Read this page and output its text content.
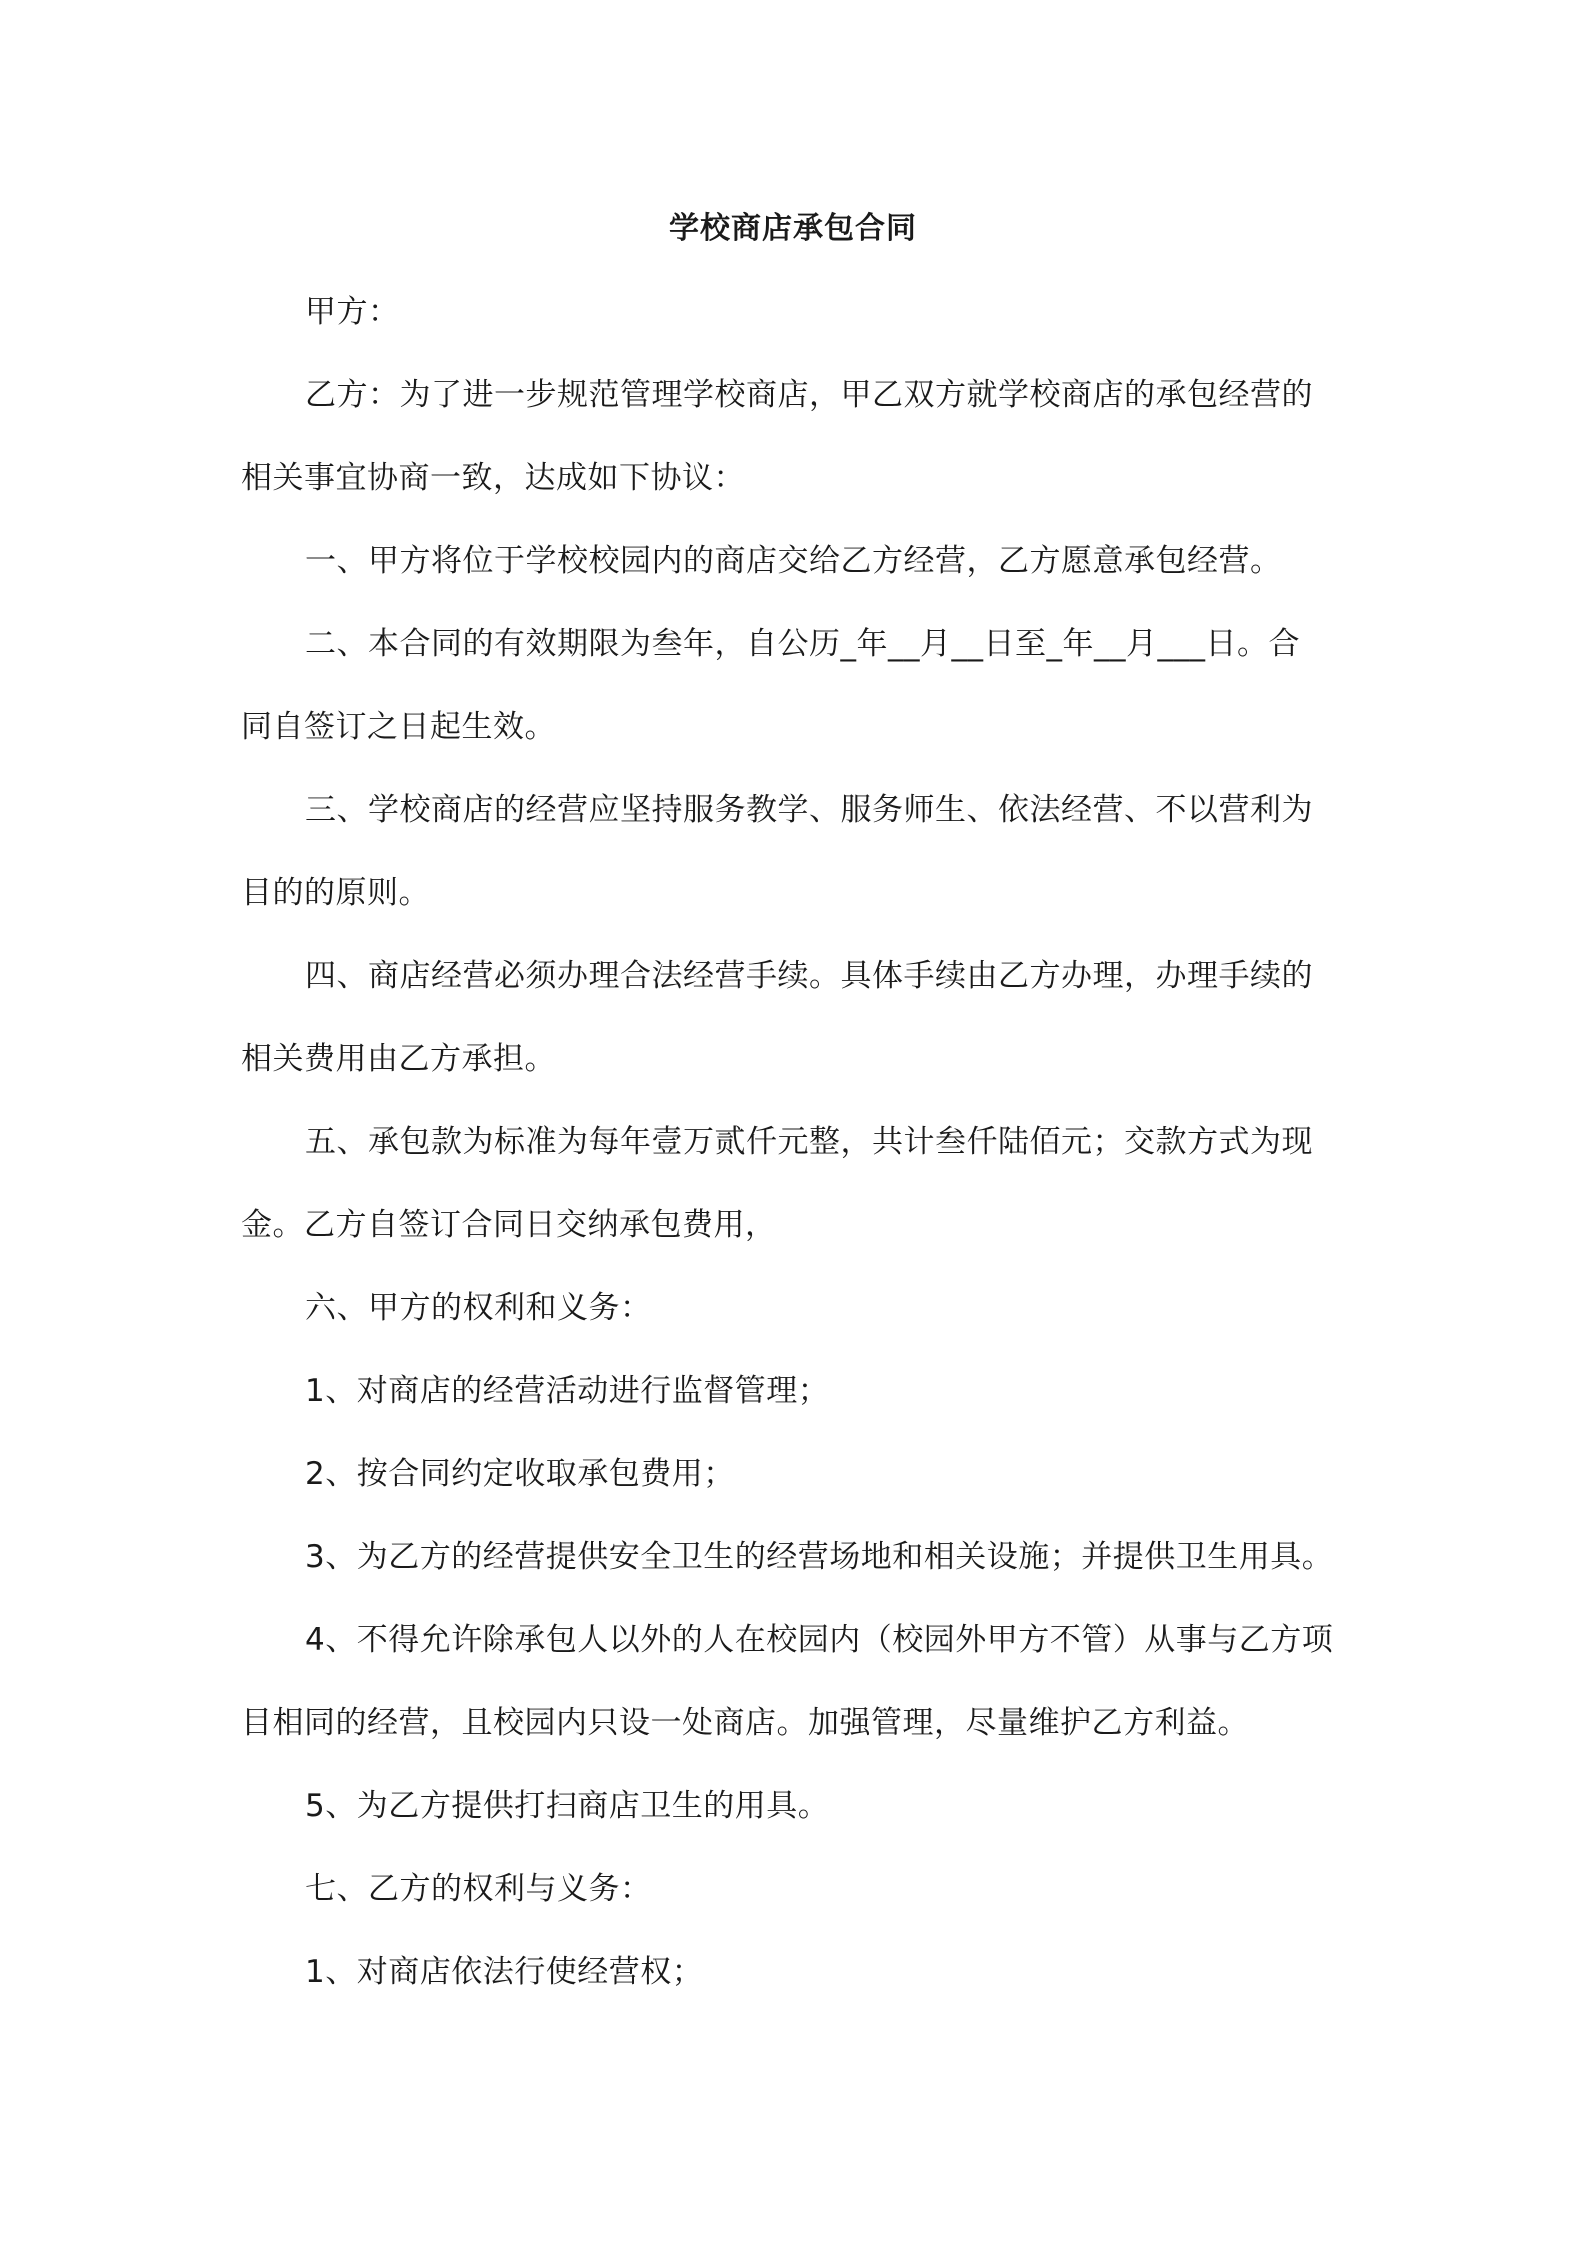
学校商店承包合同
甲方：
乙方：为了进一步规范管理学校商店，甲乙双方就学校商店的承包经营的
相关事宜协商一致，达成如下协议：
一、甲方将位于学校校园内的商店交给乙方经营，乙方愿意承包经营。
二、本合同的有效期限为叁年，自公历_年__月__日至_年__月___日。合
同自签订之日起生效。
三、学校商店的经营应坚持服务教学、服务师生、依法经营、不以营利为
目的的原则。
四、商店经营必须办理合法经营手续。具体手续由乙方办理，办理手续的
相关费用由乙方承担。
五、承包款为标准为每年壹万贰仟元整，共计叁仟陆佰元；交款方式为现
金。乙方自签订合同日交纳承包费用，
六、甲方的权利和义务：
1、对商店的经营活动进行监督管理；
2、按合同约定收取承包费用；
3、为乙方的经营提供安全卫生的经营场地和相关设施；并提供卫生用具。
4、不得允许除承包人以外的人在校园内（校园外甲方不管）从事与乙方项
目相同的经营，且校园内只设一处商店。加强管理，尽量维护乙方利益。
5、为乙方提供打扫商店卫生的用具。
七、乙方的权利与义务：
1、对商店依法行使经营权；
